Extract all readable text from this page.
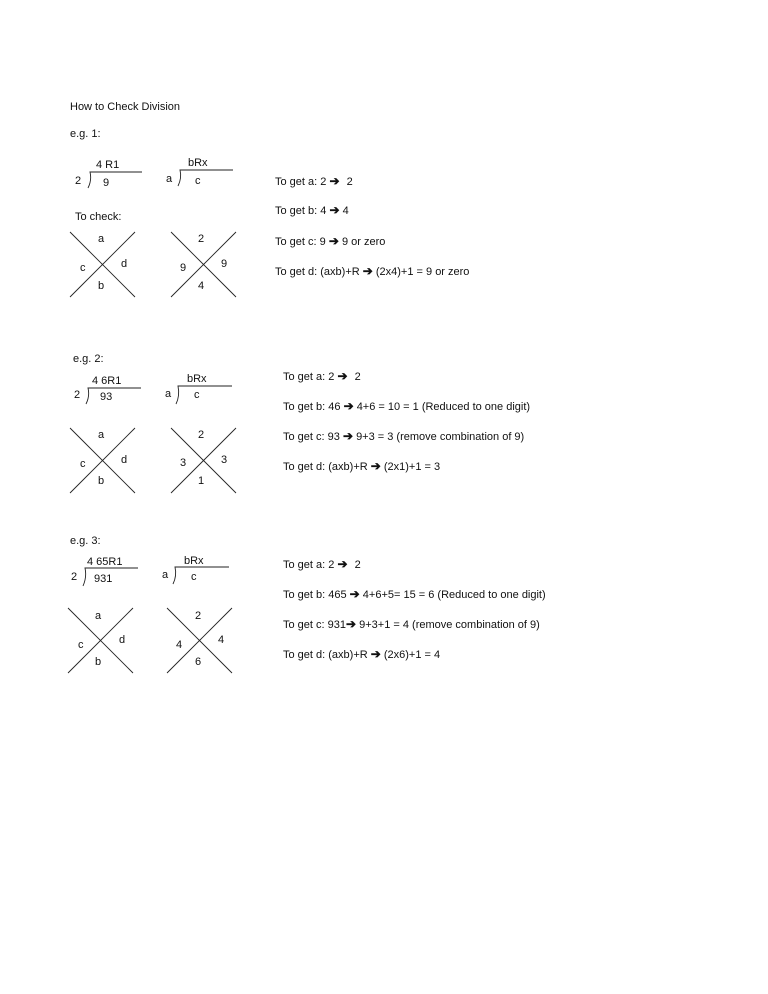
How to Check Division
e.g. 1:
4 R1
2 9
bRx
a c
To check:
a
c	d
b
2
9	9
4
To get a: 2 ➔ 2
To get b: 4 ➔ 4
To get c: 9 ➔ 9 or zero
To get d: (axb)+R ➔ (2x4)+1 = 9 or zero
e.g. 2:
4 6R1
2 93
bRx
a c
a
c	d
b
2
3	3
1
To get a: 2 ➔ 2
To get b: 46 ➔ 4+6 = 10 = 1 (Reduced to one digit)
To get c: 93 ➔ 9+3 = 3 (remove combination of 9)
To get d: (axb)+R ➔ (2x1)+1 = 3
e.g. 3:
4 65R1
2 931
bRx
a c
a
c	d
b
2
4	4
6
To get a: 2 ➔ 2
To get b: 465 ➔ 4+6+5= 15 = 6 (Reduced to one digit)
To get c: 931➔ 9+3+1 = 4 (remove combination of 9)
To get d: (axb)+R ➔ (2x6)+1 = 4
